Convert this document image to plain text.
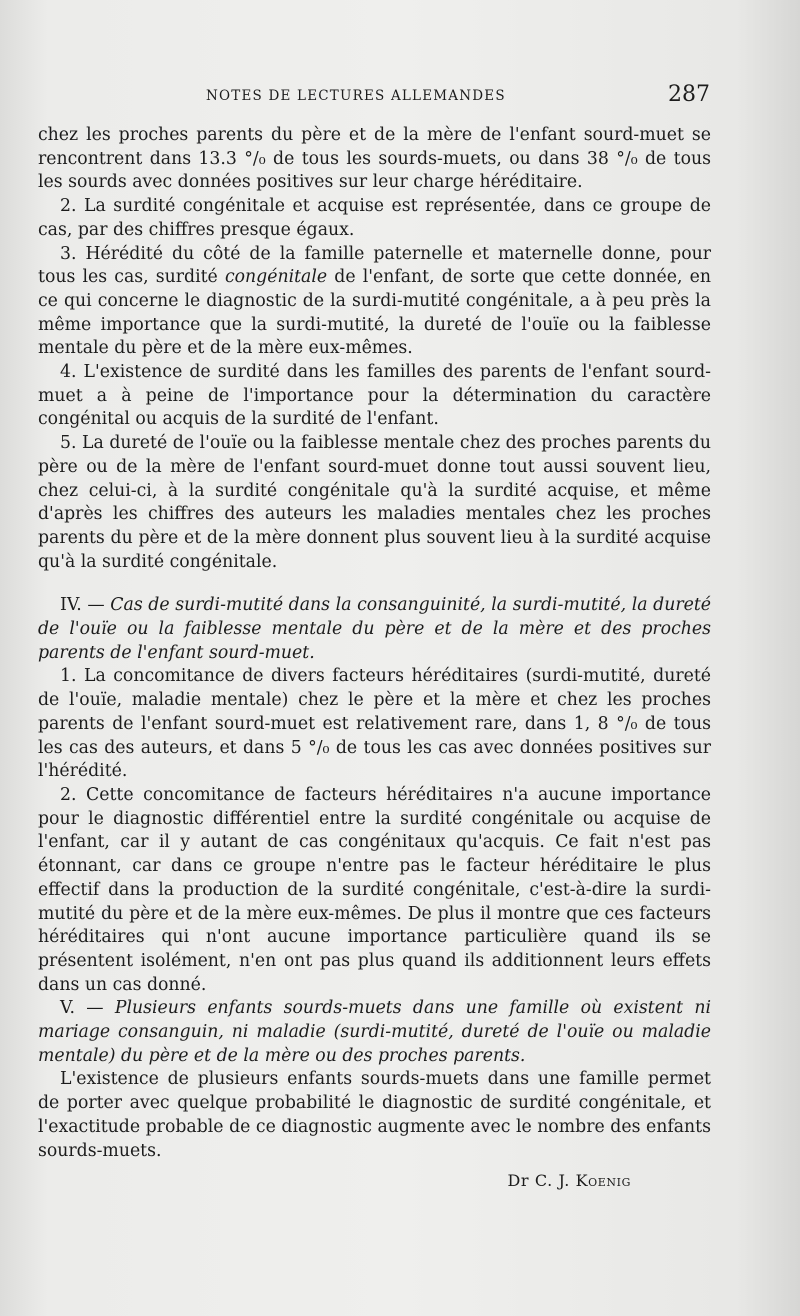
NOTES DE LECTURES ALLEMANDES	287

chez les proches parents du père et de la mère de l'enfant sourd-muet se rencontrent dans 13.3 °/₀ de tous les sourds-muets, ou dans 38 °/₀ de tous les sourds avec données positives sur leur charge héréditaire.

2. La surdité congénitale et acquise est représentée, dans ce groupe de cas, par des chiffres presque égaux.

3. Hérédité du côté de la famille paternelle et maternelle donne, pour tous les cas, surdité congénitale de l'enfant, de sorte que cette donnée, en ce qui concerne le diagnostic de la surdi-mutité congénitale, a à peu près la même importance que la surdi-mutité, la dureté de l'ouïe ou la faiblesse mentale du père et de la mère eux-mêmes.

4. L'existence de surdité dans les familles des parents de l'enfant sourd-muet a à peine de l'importance pour la détermination du caractère congénital ou acquis de la surdité de l'enfant.

5. La dureté de l'ouïe ou la faiblesse mentale chez des proches parents du père ou de la mère de l'enfant sourd-muet donne tout aussi souvent lieu, chez celui-ci, à la surdité congénitale qu'à la surdité acquise, et même d'après les chiffres des auteurs les maladies mentales chez les proches parents du père et de la mère donnent plus souvent lieu à la surdité acquise qu'à la surdité congénitale.

IV. — Cas de surdi-mutité dans la consanguinité, la surdi-mutité, la dureté de l'ouïe ou la faiblesse mentale du père et de la mère et des proches parents de l'enfant sourd-muet.

1. La concomitance de divers facteurs héréditaires (surdi-mutité, dureté de l'ouïe, maladie mentale) chez le père et la mère et chez les proches parents de l'enfant sourd-muet est relativement rare, dans 1, 8 °/₀ de tous les cas des auteurs, et dans 5 °/₀ de tous les cas avec données positives sur l'hérédité.

2. Cette concomitance de facteurs héréditaires n'a aucune importance pour le diagnostic différentiel entre la surdité congénitale ou acquise de l'enfant, car il y autant de cas congénitaux qu'acquis. Ce fait n'est pas étonnant, car dans ce groupe n'entre pas le facteur héréditaire le plus effectif dans la production de la surdité congénitale, c'est-à-dire la surdi-mutité du père et de la mère eux-mêmes. De plus il montre que ces facteurs héréditaires qui n'ont aucune importance particulière quand ils se présentent isolément, n'en ont pas plus quand ils additionnent leurs effets dans un cas donné.

V. — Plusieurs enfants sourds-muets dans une famille où existent ni mariage consanguin, ni maladie (surdi-mutité, dureté de l'ouïe ou maladie mentale) du père et de la mère ou des proches parents.

L'existence de plusieurs enfants sourds-muets dans une famille permet de porter avec quelque probabilité le diagnostic de surdité congénitale, et l'exactitude probable de ce diagnostic augmente avec le nombre des enfants sourds-muets.

Dr C. J. Koenig
